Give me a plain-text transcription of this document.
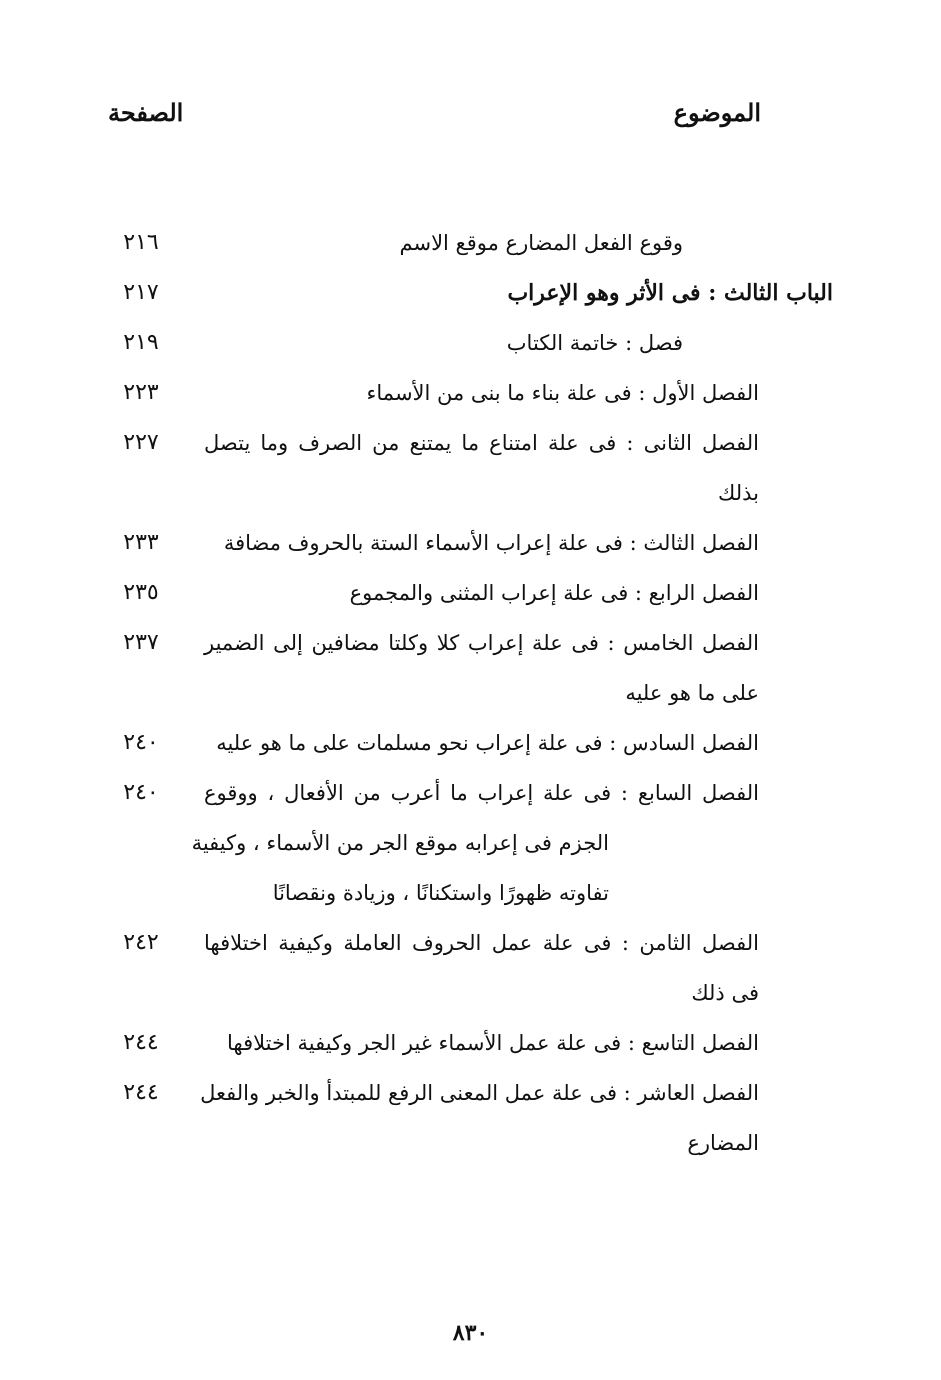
الموضوع
الصفحة
وقوع الفعل المضارع موقع الاسم
٢١٦
الباب الثالث : فى الأثر وهو الإعراب
٢١٧
فصل : خاتمة الكتاب
٢١٩
الفصل الأول : فى علة بناء ما بنى من الأسماء
٢٢٣
الفصل الثانى : فى علة امتناع ما يمتنع من الصرف وما يتصل
بذلك
٢٢٧
الفصل الثالث : فى علة إعراب الأسماء الستة بالحروف مضافة
٢٣٣
الفصل الرابع : فى علة إعراب المثنى والمجموع
٢٣٥
الفصل الخامس : فى علة إعراب كلا وكلتا مضافين إلى الضمير
على ما هو عليه
٢٣٧
الفصل السادس : فى علة إعراب نحو مسلمات على ما هو عليه
٢٤٠
الفصل السابع : فى علة إعراب ما أعرب من الأفعال ، ووقوع
الجزم فى إعرابه موقع الجر من الأسماء ، وكيفية
تفاوته ظهورًا واستكنانًا ، وزيادة ونقصانًا
٢٤٠
الفصل الثامن : فى علة عمل الحروف العاملة وكيفية اختلافها
فى ذلك
٢٤٢
الفصل التاسع : فى علة عمل الأسماء غير الجر وكيفية اختلافها
٢٤٤
الفصل العاشر : فى علة عمل المعنى الرفع للمبتدأ والخبر والفعل
المضارع
٢٤٤
٨٣٠
